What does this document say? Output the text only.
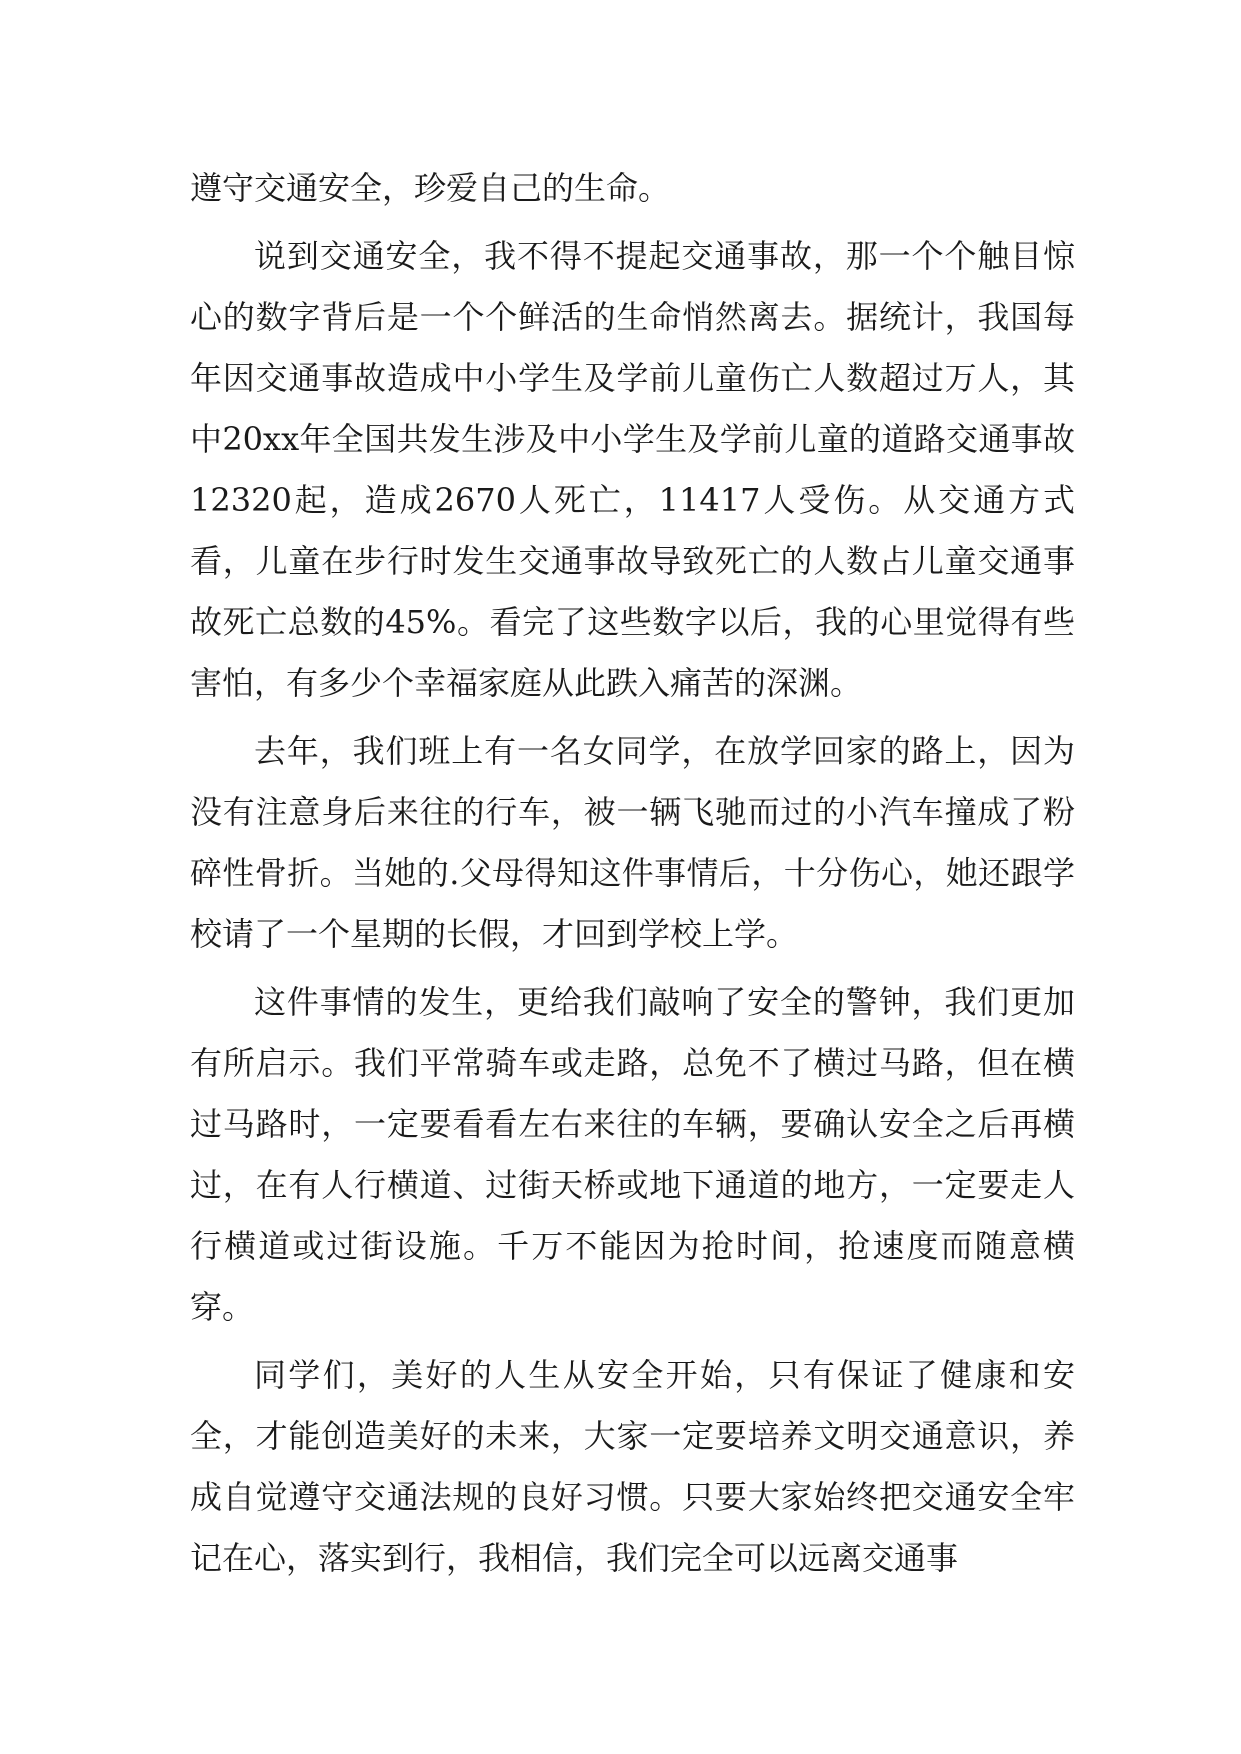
遵守交通安全，珍爱自己的生命。

说到交通安全，我不得不提起交通事故，那一个个触目惊心的数字背后是一个个鲜活的生命悄然离去。据统计，我国每年因交通事故造成中小学生及学前儿童伤亡人数超过万人，其中20xx年全国共发生涉及中小学生及学前儿童的道路交通事故12320起，造成2670人死亡，11417人受伤。从交通方式看，儿童在步行时发生交通事故导致死亡的人数占儿童交通事故死亡总数的45%。看完了这些数字以后，我的心里觉得有些害怕，有多少个幸福家庭从此跌入痛苦的深渊。

去年，我们班上有一名女同学，在放学回家的路上，因为没有注意身后来往的行车，被一辆飞驰而过的小汽车撞成了粉碎性骨折。当她的.父母得知这件事情后，十分伤心，她还跟学校请了一个星期的长假，才回到学校上学。

这件事情的发生，更给我们敲响了安全的警钟，我们更加有所启示。我们平常骑车或走路，总免不了横过马路，但在横过马路时，一定要看看左右来往的车辆，要确认安全之后再横过，在有人行横道、过街天桥或地下通道的地方，一定要走人行横道或过街设施。千万不能因为抢时间，抢速度而随意横穿。

同学们，美好的人生从安全开始，只有保证了健康和安全，才能创造美好的未来，大家一定要培养文明交通意识，养成自觉遵守交通法规的良好习惯。只要大家始终把交通安全牢记在心，落实到行，我相信，我们完全可以远离交通事
